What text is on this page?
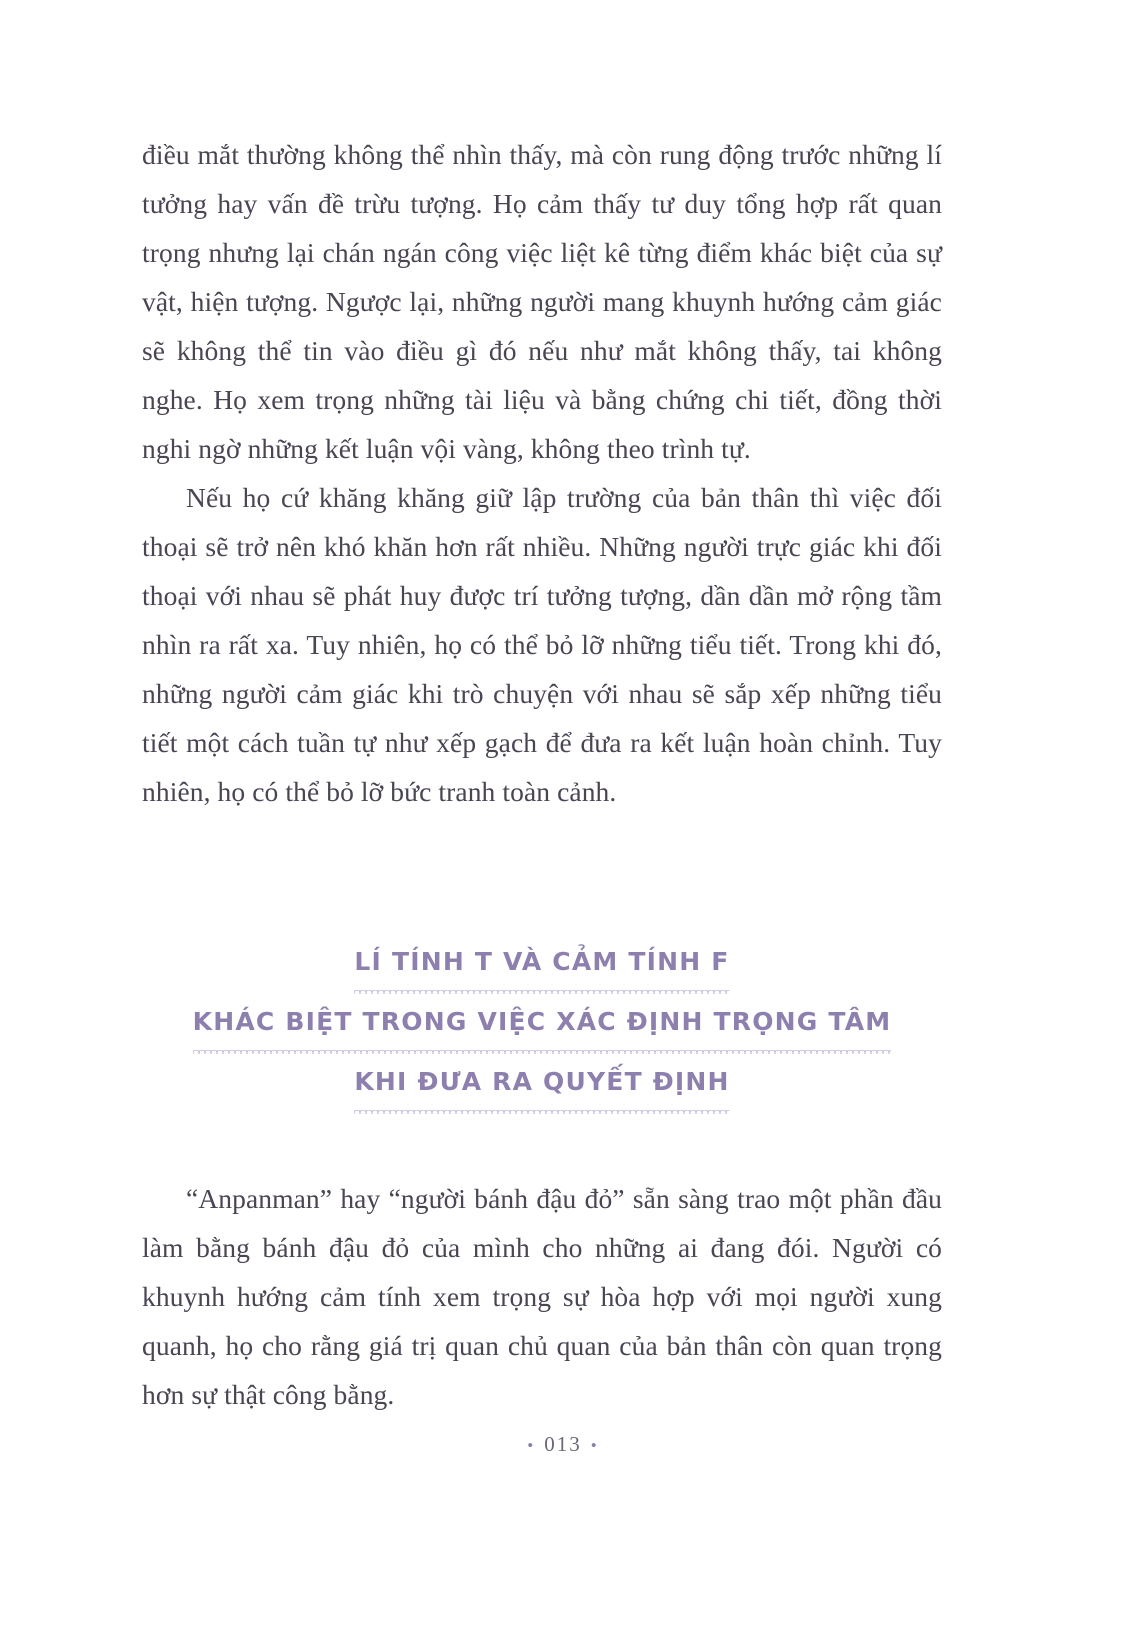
điều mắt thường không thể nhìn thấy, mà còn rung động trước những lí tưởng hay vấn đề trừu tượng. Họ cảm thấy tư duy tổng hợp rất quan trọng nhưng lại chán ngán công việc liệt kê từng điểm khác biệt của sự vật, hiện tượng. Ngược lại, những người mang khuynh hướng cảm giác sẽ không thể tin vào điều gì đó nếu như mắt không thấy, tai không nghe. Họ xem trọng những tài liệu và bằng chứng chi tiết, đồng thời nghi ngờ những kết luận vội vàng, không theo trình tự.

Nếu họ cứ khăng khăng giữ lập trường của bản thân thì việc đối thoại sẽ trở nên khó khăn hơn rất nhiều. Những người trực giác khi đối thoại với nhau sẽ phát huy được trí tưởng tượng, dần dần mở rộng tầm nhìn ra rất xa. Tuy nhiên, họ có thể bỏ lỡ những tiểu tiết. Trong khi đó, những người cảm giác khi trò chuyện với nhau sẽ sắp xếp những tiểu tiết một cách tuần tự như xếp gạch để đưa ra kết luận hoàn chỉnh. Tuy nhiên, họ có thể bỏ lỡ bức tranh toàn cảnh.

LÍ TÍNH T VÀ CẢM TÍNH F
KHÁC BIỆT TRONG VIỆC XÁC ĐỊNH TRỌNG TÂM
KHI ĐƯA RA QUYẾT ĐỊNH

“Anpanman” hay “người bánh đậu đỏ” sẵn sàng trao một phần đầu làm bằng bánh đậu đỏ của mình cho những ai đang đói. Người có khuynh hướng cảm tính xem trọng sự hòa hợp với mọi người xung quanh, họ cho rằng giá trị quan chủ quan của bản thân còn quan trọng hơn sự thật công bằng.

• 013 •
